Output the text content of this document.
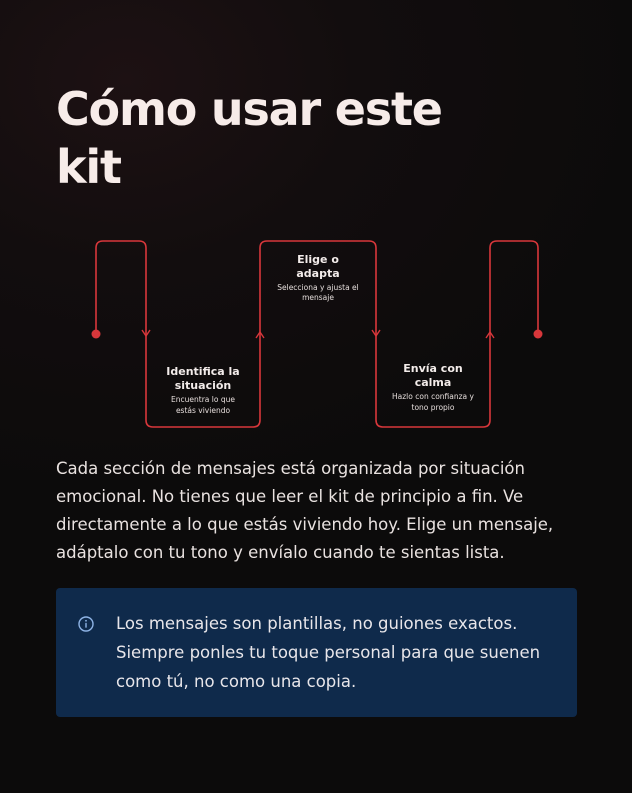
Cómo usar este
kit
Identifica la
situación
Encuentra lo que
estás viviendo
Elige o
adapta
Selecciona y ajusta el
mensaje
Envía con
calma
Hazlo con confianza y
tono propio

Cada sección de mensajes está organizada por situación emocional. No tienes que leer el kit de principio a fin. Ve directamente a lo que estás viviendo hoy. Elige un mensaje, adáptalo con tu tono y envíalo cuando te sientas lista.

Los mensajes son plantillas, no guiones exactos. Siempre ponles tu toque personal para que suenen como tú, no como una copia.
